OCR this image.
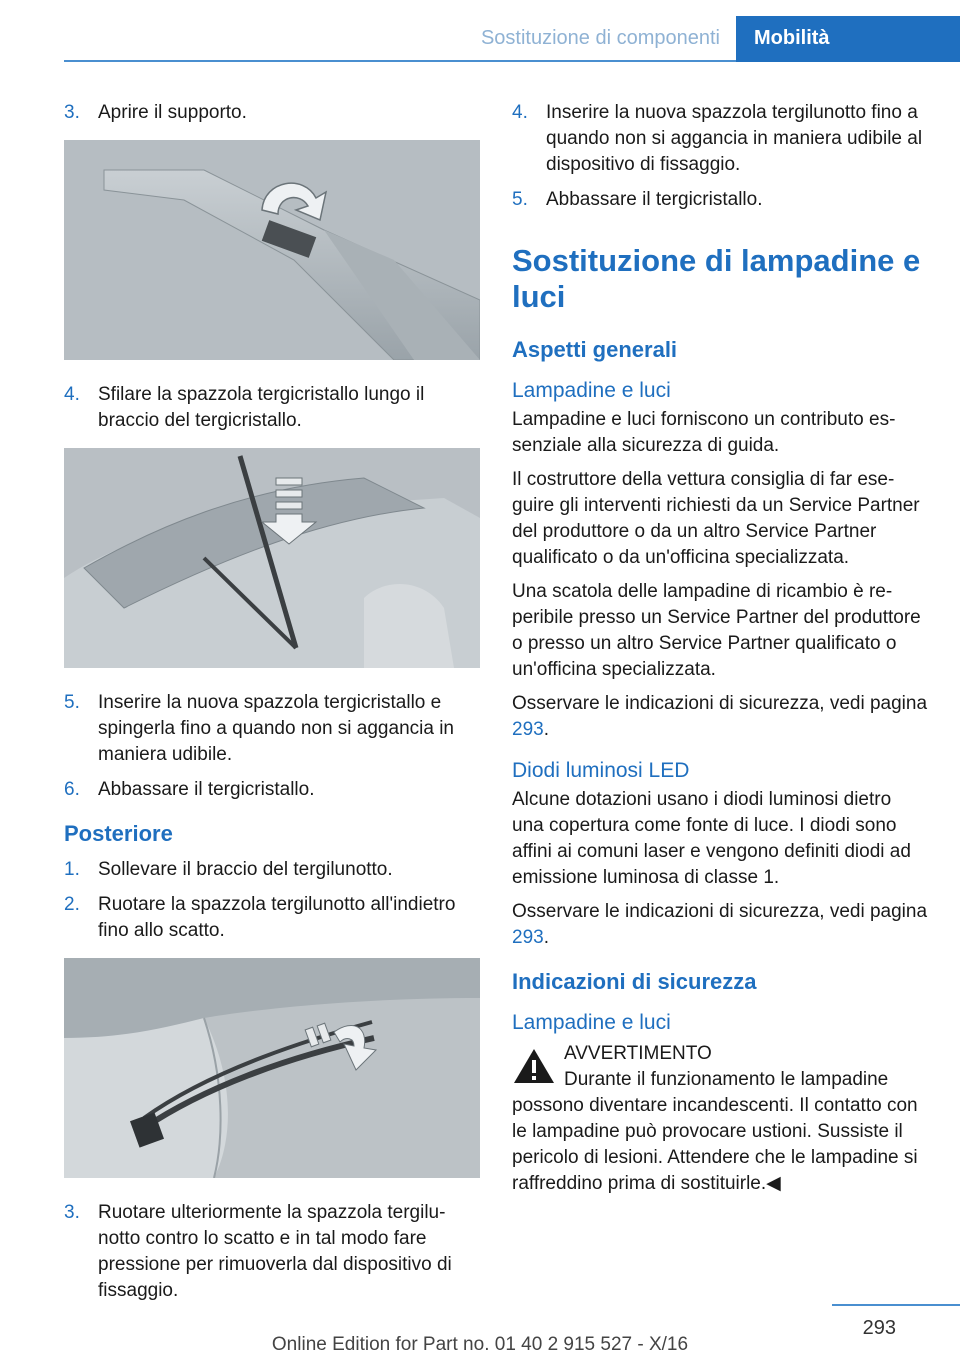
Sostituzione di componenti	Mobilità
3. Aprire il supporto.
4. Sfilare la spazzola tergicristallo lungo il braccio del tergicristallo.
5. Inserire la nuova spazzola tergicristallo e spingerla fino a quando non si aggancia in maniera udibile.
6. Abbassare il tergicristallo.
Posteriore
1. Sollevare il braccio del tergilunotto.
2. Ruotare la spazzola tergilunotto all'indietro fino allo scatto.
3. Ruotare ulteriormente la spazzola tergilunotto contro lo scatto e in tal modo fare pressione per rimuoverla dal dispositivo di fissaggio.
4. Inserire la nuova spazzola tergilunotto fino a quando non si aggancia in maniera udibile al dispositivo di fissaggio.
5. Abbassare il tergicristallo.
Sostituzione di lampadine e luci
Aspetti generali
Lampadine e luci

Lampadine e luci forniscono un contributo essenziale alla sicurezza di guida.

Il costruttore della vettura consiglia di far eseguire gli interventi richiesti da un Service Partner del produttore o da un altro Service Partner qualificato o da un'officina specializzata.

Una scatola delle lampadine di ricambio è reperibile presso un Service Partner del produttore o presso un altro Service Partner qualificato o un'officina specializzata.

Osservare le indicazioni di sicurezza, vedi pagina 293.

Diodi luminosi LED

Alcune dotazioni usano i diodi luminosi dietro una copertura come fonte di luce. I diodi sono affini ai comuni laser e vengono definiti diodi ad emissione luminosa di classe 1.

Osservare le indicazioni di sicurezza, vedi pagina 293.

Indicazioni di sicurezza
Lampadine e luci
AVVERTIMENTO
Durante il funzionamento le lampadine possono diventare incandescenti. Il contatto con le lampadine può provocare ustioni. Sussiste il pericolo di lesioni. Attendere che le lampadine si raffreddino prima di sostituirle.◀
293
Online Edition for Part no. 01 40 2 915 527 - X/16
